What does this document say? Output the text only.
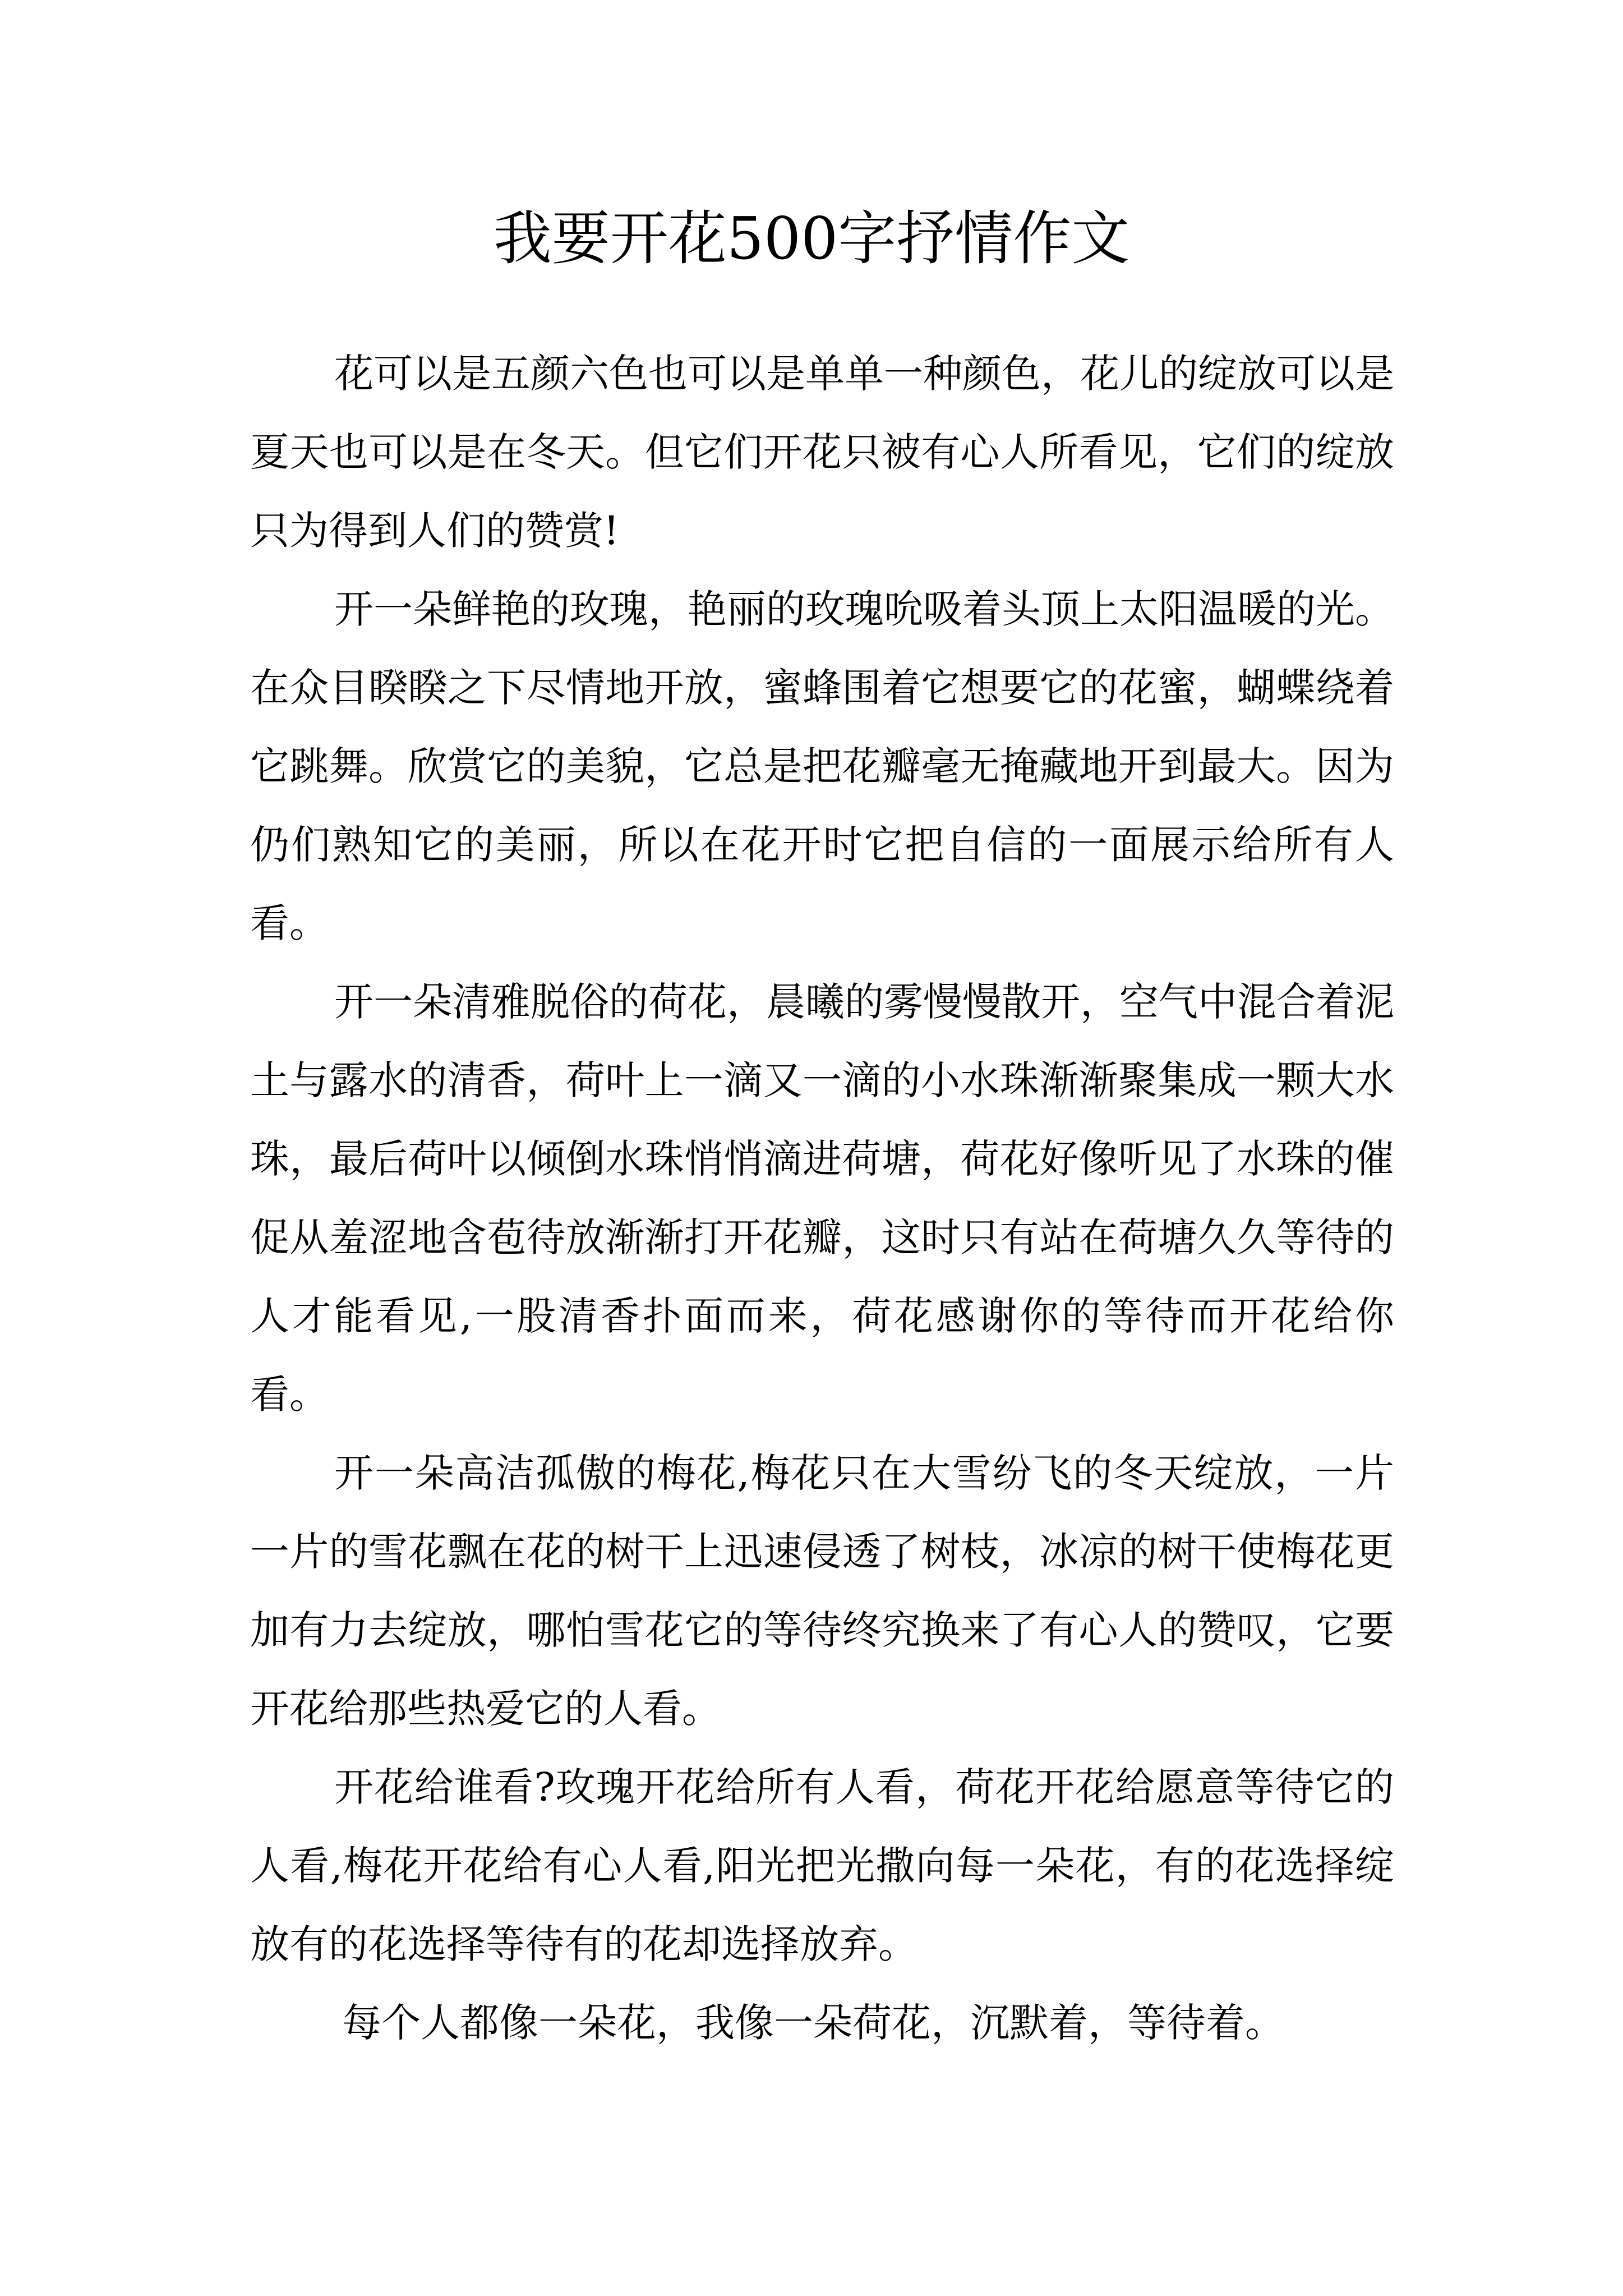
我要开花500字抒情作文

花可以是五颜六色也可以是单单一种颜色，花儿的绽放可以是夏天也可以是在冬天。但它们开花只被有心人所看见，它们的绽放只为得到人们的赞赏!

开一朵鲜艳的玫瑰，艳丽的玫瑰吮吸着头顶上太阳温暖的光。在众目睽睽之下尽情地开放，蜜蜂围着它想要它的花蜜，蝴蝶绕着它跳舞。欣赏它的美貌，它总是把花瓣毫无掩藏地开到最大。因为仍们熟知它的美丽，所以在花开时它把自信的一面展示给所有人看。

开一朵清雅脱俗的荷花，晨曦的雾慢慢散开，空气中混合着泥土与露水的清香，荷叶上一滴又一滴的小水珠渐渐聚集成一颗大水珠，最后荷叶以倾倒水珠悄悄滴进荷塘，荷花好像听见了水珠的催促从羞涩地含苞待放渐渐打开花瓣，这时只有站在荷塘久久等待的人才能看见,一股清香扑面而来，荷花感谢你的等待而开花给你看。

开一朵高洁孤傲的梅花,梅花只在大雪纷飞的冬天绽放，一片一片的雪花飘在花的树干上迅速侵透了树枝，冰凉的树干使梅花更加有力去绽放，哪怕雪花它的等待终究换来了有心人的赞叹，它要开花给那些热爱它的人看。

开花给谁看?玫瑰开花给所有人看，荷花开花给愿意等待它的人看,梅花开花给有心人看,阳光把光撒向每一朵花，有的花选择绽放有的花选择等待有的花却选择放弃。

每个人都像一朵花，我像一朵荷花，沉默着，等待着。
